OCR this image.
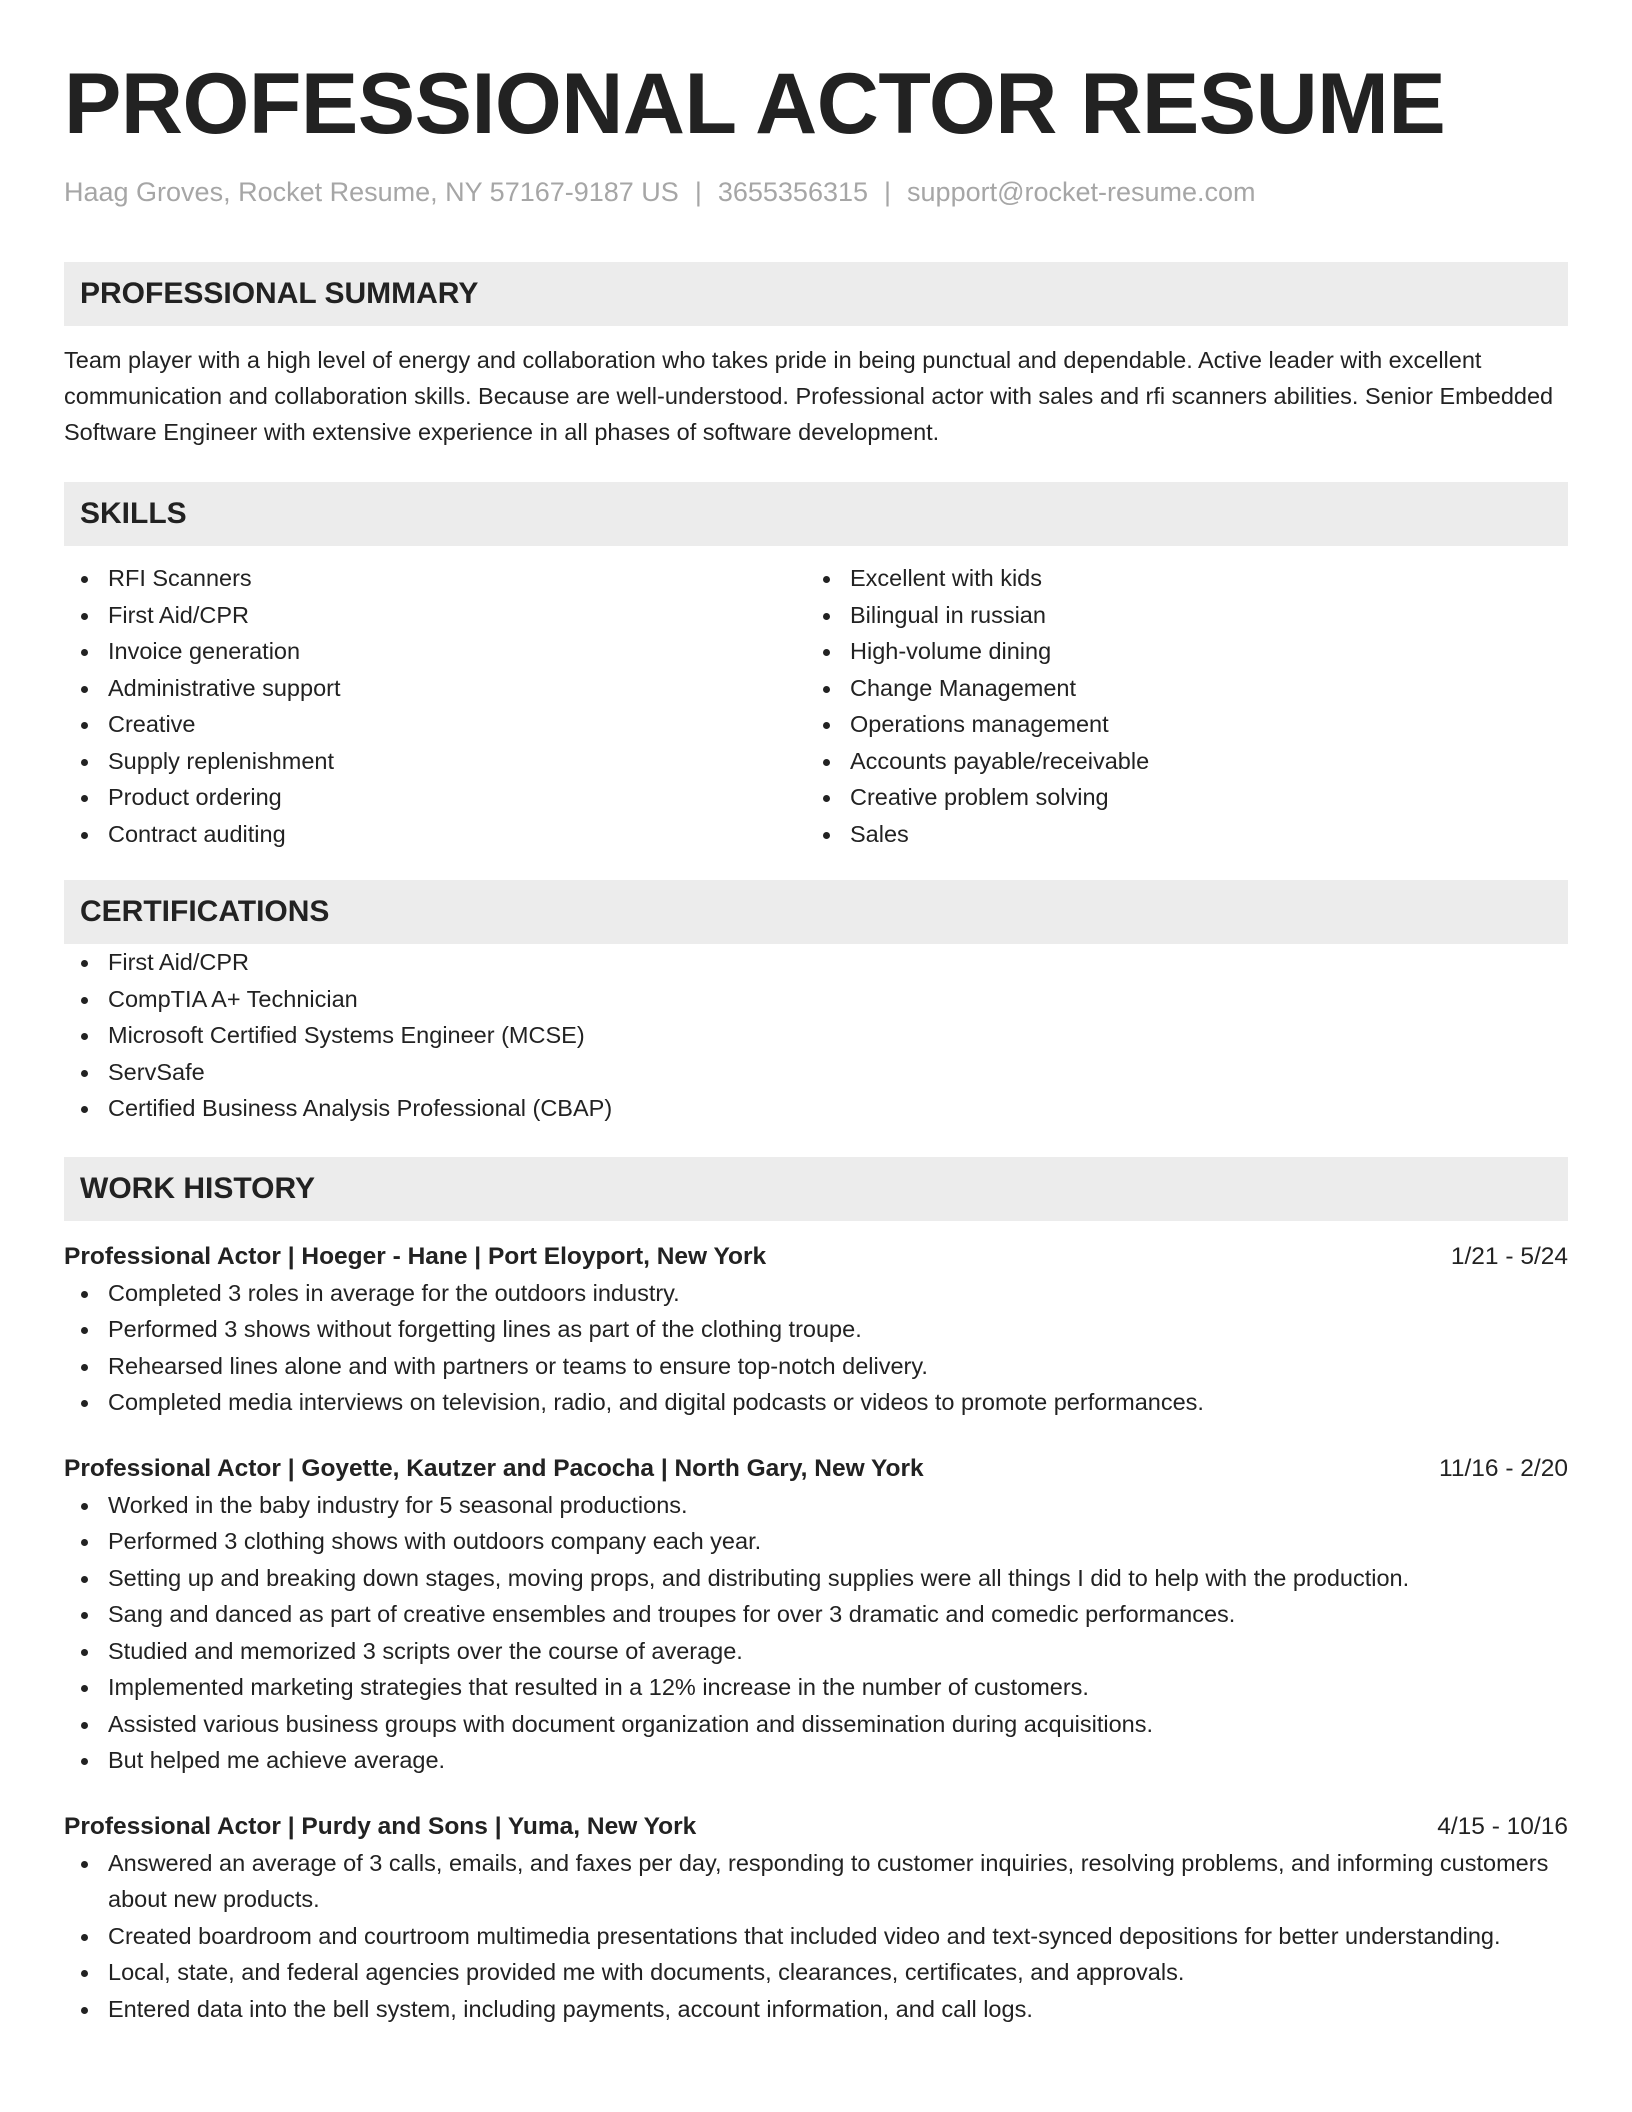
PROFESSIONAL ACTOR RESUME
Haag Groves, Rocket Resume, NY 57167-9187 US | 3655356315 | support@rocket-resume.com
PROFESSIONAL SUMMARY
Team player with a high level of energy and collaboration who takes pride in being punctual and dependable. Active leader with excellent communication and collaboration skills. Because are well-understood. Professional actor with sales and rfi scanners abilities. Senior Embedded Software Engineer with extensive experience in all phases of software development.
SKILLS
RFI Scanners
First Aid/CPR
Invoice generation
Administrative support
Creative
Supply replenishment
Product ordering
Contract auditing
Excellent with kids
Bilingual in russian
High-volume dining
Change Management
Operations management
Accounts payable/receivable
Creative problem solving
Sales
CERTIFICATIONS
First Aid/CPR
CompTIA A+ Technician
Microsoft Certified Systems Engineer (MCSE)
ServSafe
Certified Business Analysis Professional (CBAP)
WORK HISTORY
Professional Actor | Hoeger - Hane | Port Eloyport, New York	1/21 - 5/24
Completed 3 roles in average for the outdoors industry.
Performed 3 shows without forgetting lines as part of the clothing troupe.
Rehearsed lines alone and with partners or teams to ensure top-notch delivery.
Completed media interviews on television, radio, and digital podcasts or videos to promote performances.
Professional Actor | Goyette, Kautzer and Pacocha | North Gary, New York	11/16 - 2/20
Worked in the baby industry for 5 seasonal productions.
Performed 3 clothing shows with outdoors company each year.
Setting up and breaking down stages, moving props, and distributing supplies were all things I did to help with the production.
Sang and danced as part of creative ensembles and troupes for over 3 dramatic and comedic performances.
Studied and memorized 3 scripts over the course of average.
Implemented marketing strategies that resulted in a 12% increase in the number of customers.
Assisted various business groups with document organization and dissemination during acquisitions.
But helped me achieve average.
Professional Actor | Purdy and Sons | Yuma, New York	4/15 - 10/16
Answered an average of 3 calls, emails, and faxes per day, responding to customer inquiries, resolving problems, and informing customers about new products.
Created boardroom and courtroom multimedia presentations that included video and text-synced depositions for better understanding.
Local, state, and federal agencies provided me with documents, clearances, certificates, and approvals.
Entered data into the bell system, including payments, account information, and call logs.
